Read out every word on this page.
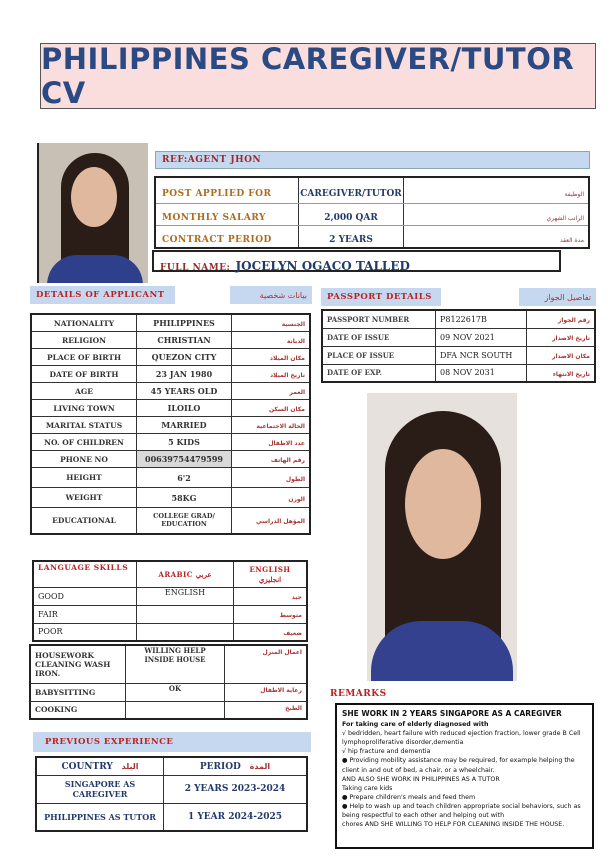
PHILIPPINES CAREGIVER/TUTOR CV
REF:AGENT JHON
POST APPLIED FOR	CAREGIVER/TUTOR	الوظيفة
MONTHLY SALARY	2,000 QAR	الراتب الشهري
CONTRACT PERIOD	2 YEARS	مدة العقد
FULL NAME: JOCELYN OGACO TALLED
DETAILS OF APPLICANT	بيانات شخصية
NATIONALITY	PHILIPPINES	الجنسية
RELIGION	CHRISTIAN	الديانة
PLACE OF BIRTH	QUEZON CITY	مكان الميلاد
DATE OF BIRTH	23 JAN 1980	تاريخ الميلاد
AGE	45 YEARS OLD	العمر
LIVING TOWN	ILOILO	مكان السكن
MARITAL STATUS	MARRIED	الحالة الاجتماعية
NO. OF CHILDREN	5 KIDS	عدد الاطفال
PHONE NO	00639754479599	رقم الهاتف
HEIGHT	6'2	الطول
WEIGHT	58KG	الوزن
EDUCATIONAL	COLLEGE GRAD/ EDUCATION	المؤهل الدراسي
PASSPORT DETAILS	تفاصيل الجواز
PASSPORT NUMBER	P8122617B	رقم الجواز
DATE OF ISSUE	09 NOV 2021	تاريخ الاصدار
PLACE OF ISSUE	DFA NCR SOUTH	مكان الاصدار
DATE OF EXP.	08 NOV 2031	تاريخ الانتهاء
LANGUAGE SKILLS	ARABIC عربي	ENGLISH انجليزي
GOOD	ENGLISH	جيد
FAIR		متوسط
POOR		ضعيف
HOUSEWORK CLEANING WASH IRON.	WILLING HELP INSIDE HOUSE	اعمال المنزل
BABYSITTING	OK	رعاية الاطفال
COOKING		الطبخ
PREVIOUS EXPERIENCE
COUNTRY البلد	PERIOD المدة
SINGAPORE AS CAREGIVER	2 YEARS 2023-2024
PHILIPPINES AS TUTOR	1 YEAR 2024-2025
REMARKS
SHE WORK IN 2 YEARS SINGAPORE AS A CAREGIVER
For taking care of elderly diagnosed with
√ bedridden, heart failure with reduced ejection fraction, lower grade B Cell lymphoproliferative disorder,dementia
√ hip fracture and dementia
● Providing mobility assistance may be required, for example helping the client in and out of bed, a chair, or a wheelchair.
AND ALSO SHE WORK IN PHILIPPINES AS A TUTOR
Taking care kids
● Prepare children's meals and feed them
● Help to wash up and teach children appropriate social behaviors, such as being respectful to each other and helping out with
chores AND SHE WILLING TO HELP FOR CLEANING INSIDE THE HOUSE.
